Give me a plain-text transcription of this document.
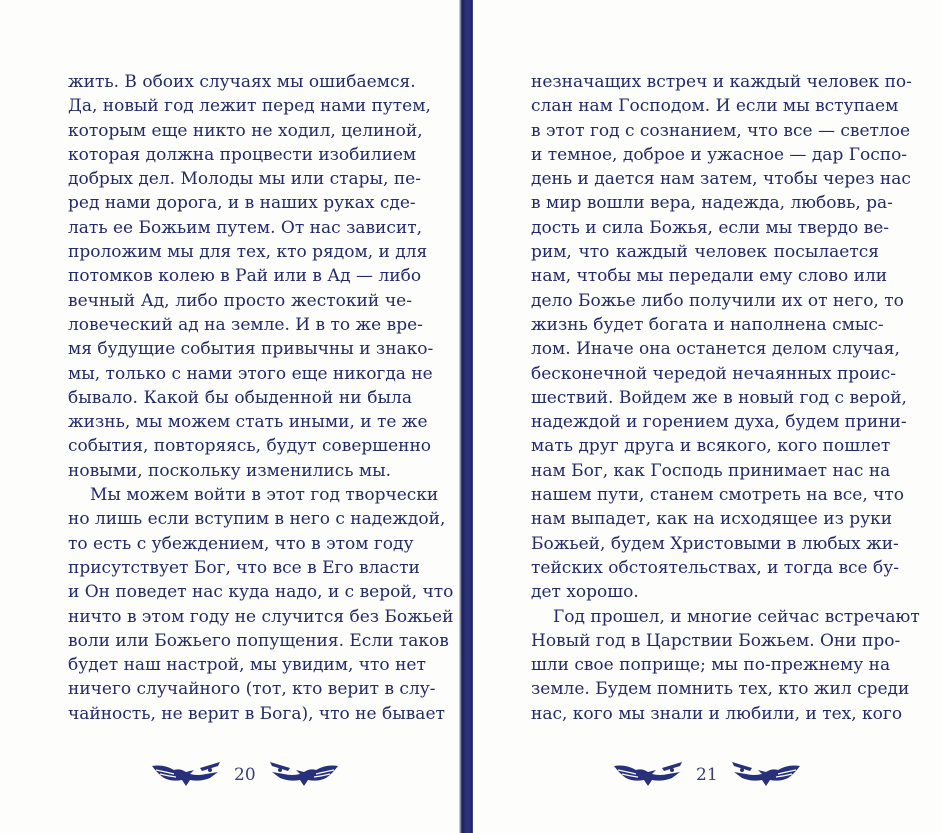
жить. В обоих случаях мы ошибаемся.
Да, новый год лежит перед нами путем,
которым еще никто не ходил, целиной,
которая должна процвести изобилием
добрых дел. Молоды мы или стары, пе-
ред нами дорога, и в наших руках сде-
лать ее Божьим путем. От нас зависит,
проложим мы для тех, кто рядом, и для
потомков колею в Рай или в Ад — либо
вечный Ад, либо просто жестокий че-
ловеческий ад на земле. И в то же вре-
мя будущие события привычны и знако-
мы, только с нами этого еще никогда не
бывало. Какой бы обыденной ни была
жизнь, мы можем стать иными, и те же
события, повторяясь, будут совершенно
новыми, поскольку изменились мы.
Мы можем войти в этот год творчески
но лишь если вступим в него с надеждой,
то есть с убеждением, что в этом году
присутствует Бог, что все в Его власти
и Он поведет нас куда надо, и с верой, что
ничто в этом году не случится без Божьей
воли или Божьего попущения. Если таков
будет наш настрой, мы увидим, что нет
ничего случайного (тот, кто верит в слу-
чайность, не верит в Бога), что не бывает
20
незначащих встреч и каждый человек по-
слан нам Господом. И если мы вступаем
в этот год с сознанием, что все — светлое
и темное, доброе и ужасное — дар Госпо-
день и дается нам затем, чтобы через нас
в мир вошли вера, надежда, любовь, ра-
дость и сила Божья, если мы твердо ве-
рим, что каждый человек посылается
нам, чтобы мы передали ему слово или
дело Божье либо получили их от него, то
жизнь будет богата и наполнена смыс-
лом. Иначе она останется делом случая,
бесконечной чередой нечаянных проис-
шествий. Войдем же в новый год с верой,
надеждой и горением духа, будем прини-
мать друг друга и всякого, кого пошлет
нам Бог, как Господь принимает нас на
нашем пути, станем смотреть на все, что
нам выпадет, как на исходящее из руки
Божьей, будем Христовыми в любых жи-
тейских обстоятельствах, и тогда все бу-
дет хорошо.
Год прошел, и многие сейчас встречают
Новый год в Царствии Божьем. Они про-
шли свое поприще; мы по-прежнему на
земле. Будем помнить тех, кто жил среди
нас, кого мы знали и любили, и тех, кого
21
